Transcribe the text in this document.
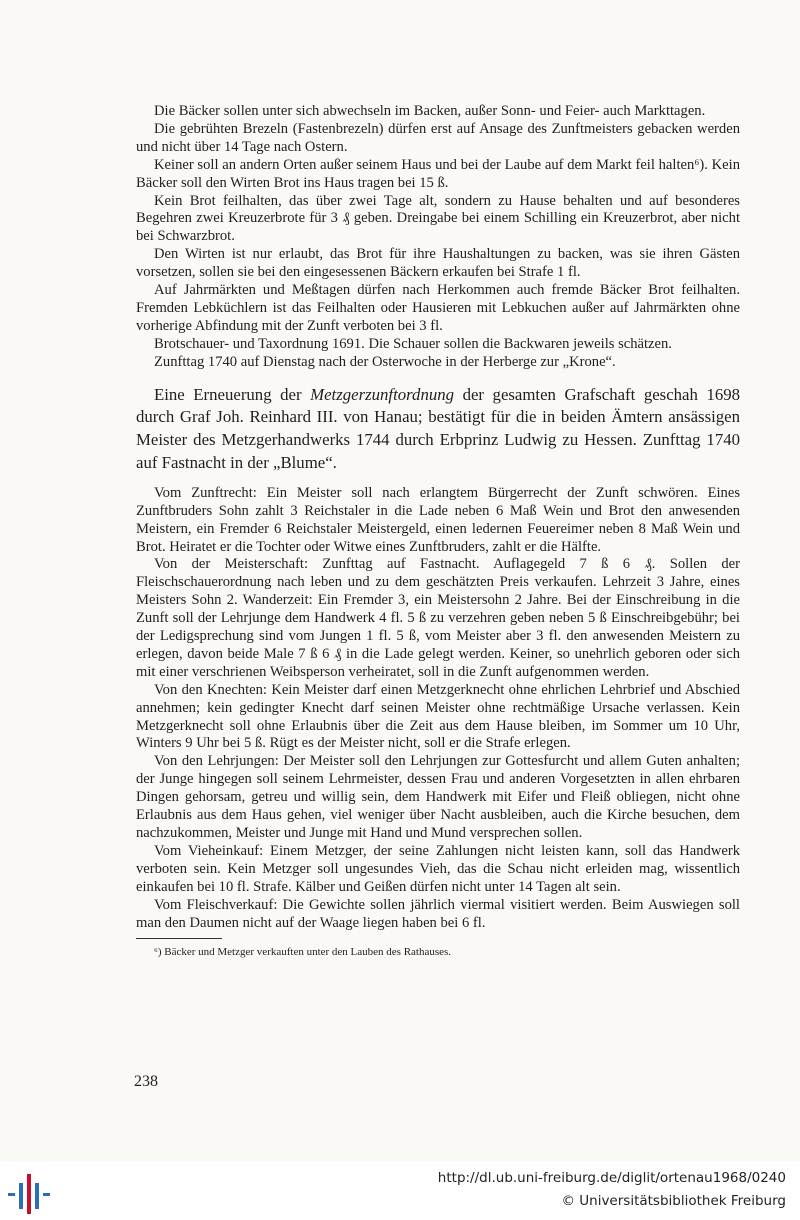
Die Bäcker sollen unter sich abwechseln im Backen, außer Sonn- und Feier- auch Markttagen.

Die gebrühten Brezeln (Fastenbrezeln) dürfen erst auf Ansage des Zunftmeisters gebacken werden und nicht über 14 Tage nach Ostern.

Keiner soll an andern Orten außer seinem Haus und bei der Laube auf dem Markt feil halten⁶). Kein Bäcker soll den Wirten Brot ins Haus tragen bei 15 ß.

Kein Brot feilhalten, das über zwei Tage alt, sondern zu Hause behalten und auf besonderes Begehren zwei Kreuzerbrote für 3 ₰ geben. Dreingabe bei einem Schilling ein Kreuzerbrot, aber nicht bei Schwarzbrot.

Den Wirten ist nur erlaubt, das Brot für ihre Haushaltungen zu backen, was sie ihren Gästen vorsetzen, sollen sie bei den eingesessenen Bäckern erkaufen bei Strafe 1 fl.

Auf Jahrmärkten und Meßtagen dürfen nach Herkommen auch fremde Bäcker Brot feilhalten. Fremden Lebküchlern ist das Feilhalten oder Hausieren mit Lebkuchen außer auf Jahrmärkten ohne vorherige Abfindung mit der Zunft verboten bei 3 fl.

Brotschauer- und Taxordnung 1691. Die Schauer sollen die Backwaren jeweils schätzen.

Zunfttag 1740 auf Dienstag nach der Osterwoche in der Herberge zur „Krone“.

Eine Erneuerung der Metzgerzunftordnung der gesamten Grafschaft geschah 1698 durch Graf Joh. Reinhard III. von Hanau; bestätigt für die in beiden Ämtern ansässigen Meister des Metzgerhandwerks 1744 durch Erbprinz Ludwig zu Hessen. Zunfttag 1740 auf Fastnacht in der „Blume“.

Vom Zunftrecht: Ein Meister soll nach erlangtem Bürgerrecht der Zunft schwören. Eines Zunftbruders Sohn zahlt 3 Reichstaler in die Lade neben 6 Maß Wein und Brot den anwesenden Meistern, ein Fremder 6 Reichstaler Meistergeld, einen ledernen Feuereimer neben 8 Maß Wein und Brot. Heiratet er die Tochter oder Witwe eines Zunftbruders, zahlt er die Hälfte.

Von der Meisterschaft: Zunfttag auf Fastnacht. Auflagegeld 7 ß 6 ₰. Sollen der Fleischschauerordnung nach leben und zu dem geschätzten Preis verkaufen. Lehrzeit 3 Jahre, eines Meisters Sohn 2. Wanderzeit: Ein Fremder 3, ein Meistersohn 2 Jahre. Bei der Einschreibung in die Zunft soll der Lehrjunge dem Handwerk 4 fl. 5 ß zu verzehren geben neben 5 ß Einschreibgebühr; bei der Ledigsprechung sind vom Jungen 1 fl. 5 ß, vom Meister aber 3 fl. den anwesenden Meistern zu erlegen, davon beide Male 7 ß 6 ₰ in die Lade gelegt werden. Keiner, so unehrlich geboren oder sich mit einer verschrienen Weibsperson verheiratet, soll in die Zunft aufgenommen werden.

Von den Knechten: Kein Meister darf einen Metzgerknecht ohne ehrlichen Lehrbrief und Abschied annehmen; kein gedingter Knecht darf seinen Meister ohne rechtmäßige Ursache verlassen. Kein Metzgerknecht soll ohne Erlaubnis über die Zeit aus dem Hause bleiben, im Sommer um 10 Uhr, Winters 9 Uhr bei 5 ß. Rügt es der Meister nicht, soll er die Strafe erlegen.

Von den Lehrjungen: Der Meister soll den Lehrjungen zur Gottesfurcht und allem Guten anhalten; der Junge hingegen soll seinem Lehrmeister, dessen Frau und anderen Vorgesetzten in allen ehrbaren Dingen gehorsam, getreu und willig sein, dem Handwerk mit Eifer und Fleiß obliegen, nicht ohne Erlaubnis aus dem Haus gehen, viel weniger über Nacht ausbleiben, auch die Kirche besuchen, dem nachzukommen, Meister und Junge mit Hand und Mund versprechen sollen.

Vom Vieheinkauf: Einem Metzger, der seine Zahlungen nicht leisten kann, soll das Handwerk verboten sein. Kein Metzger soll ungesundes Vieh, das die Schau nicht erleiden mag, wissentlich einkaufen bei 10 fl. Strafe. Kälber und Geißen dürfen nicht unter 14 Tagen alt sein.

Vom Fleischverkauf: Die Gewichte sollen jährlich viermal visitiert werden. Beim Auswiegen soll man den Daumen nicht auf der Waage liegen haben bei 6 fl.

⁶) Bäcker und Metzger verkauften unter den Lauben des Rathauses.

238
http://dl.ub.uni-freiburg.de/diglit/ortenau1968/0240
© Universitätsbibliothek Freiburg
